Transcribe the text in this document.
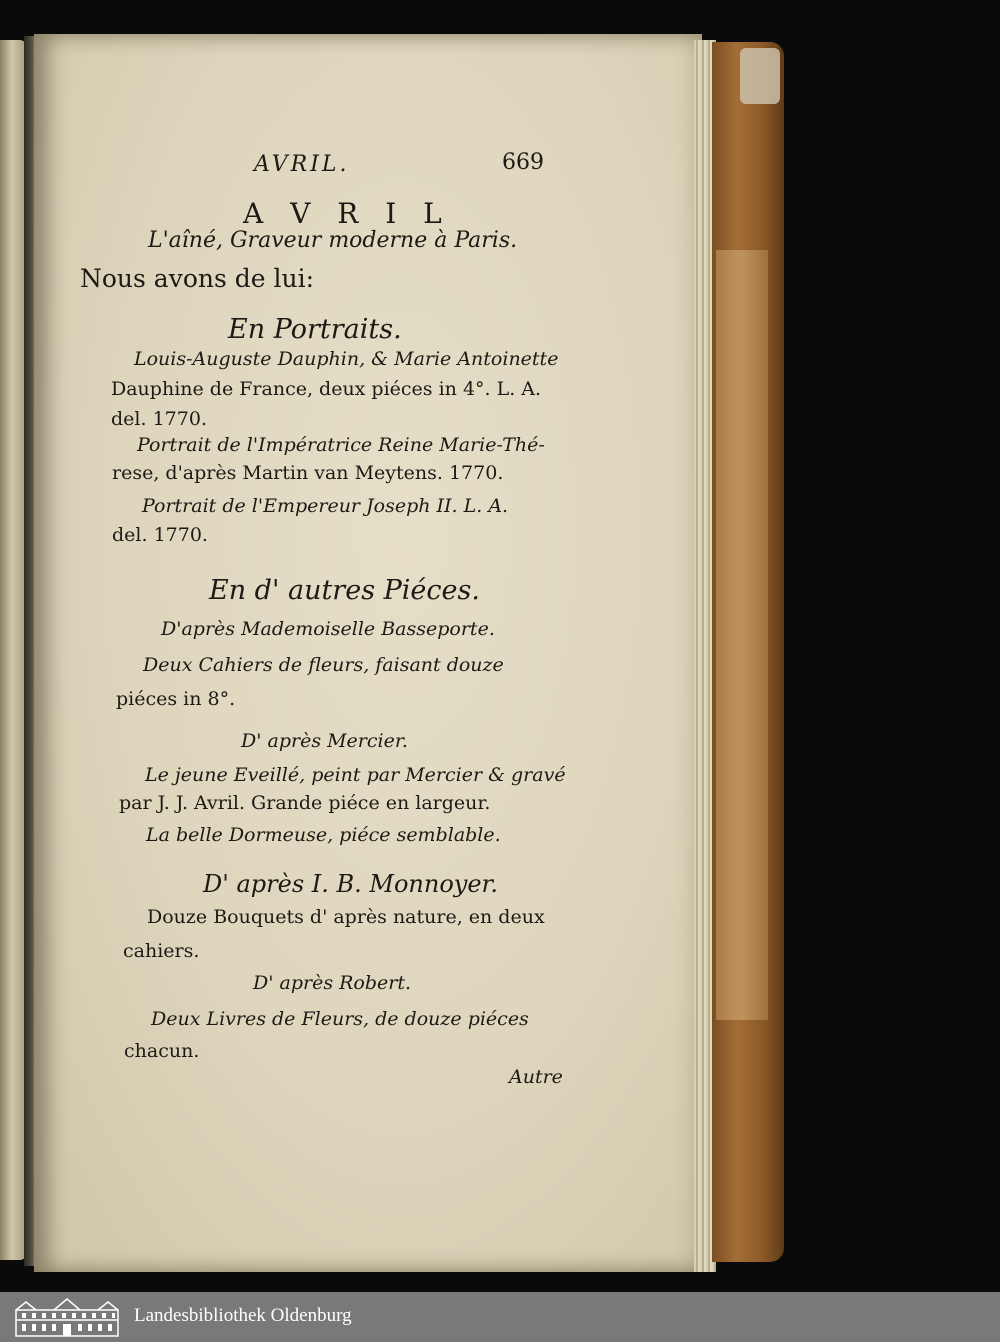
AVRIL.	669
A V R I L
L'aîné, Graveur moderne à Paris.
Nous avons de lui:
En Portraits.
Louis-Auguste Dauphin, & Marie Antoinette
Dauphine de France, deux piéces in 4°. L. A.
del. 1770.
Portrait de l'Impératrice Reine Marie-Thé-
rese, d'après Martin van Meytens. 1770.
Portrait de l'Empereur Joseph II. L. A.
del. 1770.
En d' autres Piéces.
D'après Mademoiselle Basseporte.
Deux Cahiers de fleurs, faisant douze
piéces in 8°.
D' après Mercier.
Le jeune Eveillé, peint par Mercier & gravé
par J. J. Avril. Grande piéce en largeur.
La belle Dormeuse, piéce semblable.
D' après I. B. Monnoyer.
Douze Bouquets d' après nature, en deux
cahiers.
D' après Robert.
Deux Livres de Fleurs, de douze piéces
chacun.
Autre
Landesbibliothek Oldenburg
